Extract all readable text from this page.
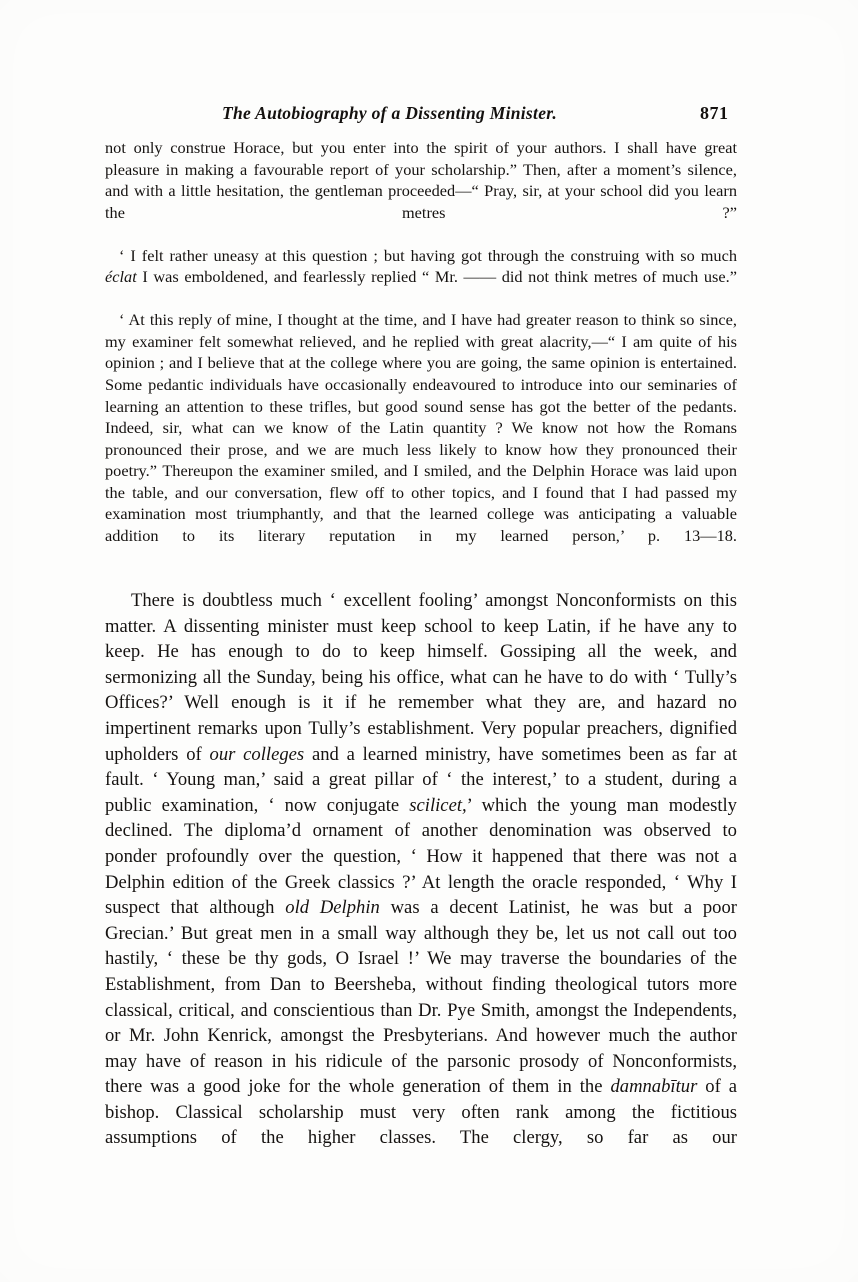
The Autobiography of a Dissenting Minister.	871

not only construe Horace, but you enter into the spirit of your authors. I shall have great pleasure in making a favourable report of your scholarship.” Then, after a moment’s silence, and with a little hesitation, the gentleman proceeded—“ Pray, sir, at your school did you learn the metres ?”

‘ I felt rather uneasy at this question ; but having got through the construing with so much éclat I was emboldened, and fearlessly replied “ Mr. —— did not think metres of much use.”

‘ At this reply of mine, I thought at the time, and I have had greater reason to think so since, my examiner felt somewhat relieved, and he replied with great alacrity,—“ I am quite of his opinion ; and I believe that at the college where you are going, the same opinion is entertained. Some pedantic individuals have occasionally endeavoured to introduce into our seminaries of learning an attention to these trifles, but good sound sense has got the better of the pedants. Indeed, sir, what can we know of the Latin quantity ? We know not how the Romans pronounced their prose, and we are much less likely to know how they pronounced their poetry.” Thereupon the examiner smiled, and I smiled, and the Delphin Horace was laid upon the table, and our conversation, flew off to other topics, and I found that I had passed my examination most triumphantly, and that the learned college was anticipating a valuable addition to its literary reputation in my learned person,’ p. 13—18.

There is doubtless much ‘ excellent fooling’ amongst Nonconformists on this matter. A dissenting minister must keep school to keep Latin, if he have any to keep. He has enough to do to keep himself. Gossiping all the week, and sermonizing all the Sunday, being his office, what can he have to do with ‘ Tully’s Offices?’ Well enough is it if he remember what they are, and hazard no impertinent remarks upon Tully’s establishment. Very popular preachers, dignified upholders of our colleges and a learned ministry, have sometimes been as far at fault. ‘ Young man,’ said a great pillar of ‘ the interest,’ to a student, during a public examination, ‘ now conjugate scilicet,’ which the young man modestly declined. The diploma’d ornament of another denomination was observed to ponder profoundly over the question, ‘ How it happened that there was not a Delphin edition of the Greek classics ?’ At length the oracle responded, ‘ Why I suspect that although old Delphin was a decent Latinist, he was but a poor Grecian.’ But great men in a small way although they be, let us not call out too hastily, ‘ these be thy gods, O Israel !’ We may traverse the boundaries of the Establishment, from Dan to Beersheba, without finding theological tutors more classical, critical, and conscientious than Dr. Pye Smith, amongst the Independents, or Mr. John Kenrick, amongst the Presbyterians. And however much the author may have of reason in his ridicule of the parsonic prosody of Nonconformists, there was a good joke for the whole generation of them in the damnabītur of a bishop. Classical scholarship must very often rank among the fictitious assumptions of the higher classes. The clergy, so far as our
